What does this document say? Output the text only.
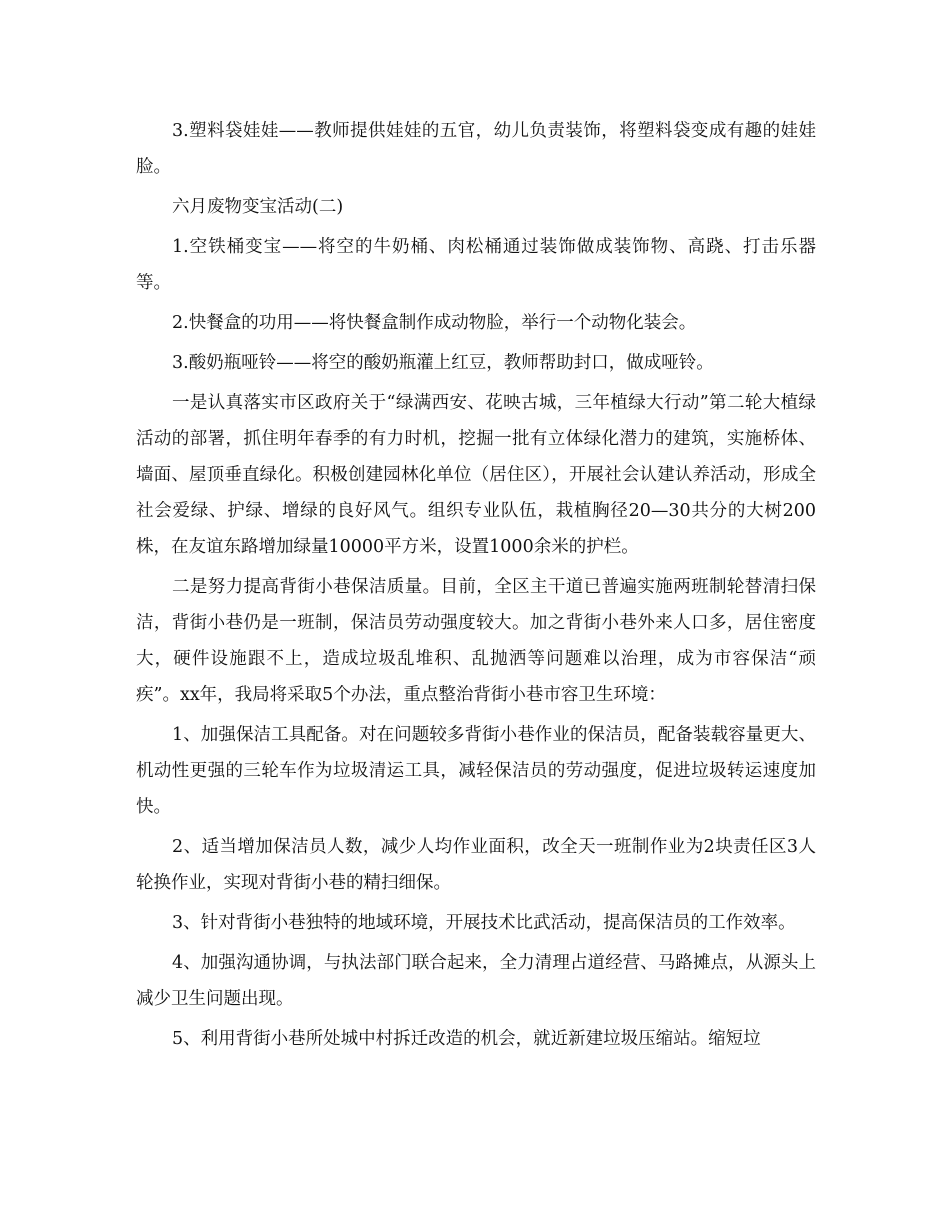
3.塑料袋娃娃——教师提供娃娃的五官，幼儿负责装饰，将塑料袋变成有趣的娃娃脸。

六月废物变宝活动(二)

1.空铁桶变宝——将空的牛奶桶、肉松桶通过装饰做成装饰物、高跷、打击乐器等。

2.快餐盒的功用——将快餐盒制作成动物脸，举行一个动物化装会。

3.酸奶瓶哑铃——将空的酸奶瓶灌上红豆，教师帮助封口，做成哑铃。

一是认真落实市区政府关于“绿满西安、花映古城，三年植绿大行动”第二轮大植绿活动的部署，抓住明年春季的有力时机，挖掘一批有立体绿化潜力的建筑，实施桥体、墙面、屋顶垂直绿化。积极创建园林化单位（居住区），开展社会认建认养活动，形成全社会爱绿、护绿、增绿的良好风气。组织专业队伍，栽植胸径20—30共分的大树200株，在友谊东路增加绿量10000平方米，设置1000余米的护栏。

二是努力提高背街小巷保洁质量。目前，全区主干道已普遍实施两班制轮替清扫保洁，背街小巷仍是一班制，保洁员劳动强度较大。加之背街小巷外来人口多，居住密度大，硬件设施跟不上，造成垃圾乱堆积、乱抛洒等问题难以治理，成为市容保洁“顽疾”。xx年，我局将采取5个办法，重点整治背街小巷市容卫生环境：

1、加强保洁工具配备。对在问题较多背街小巷作业的保洁员，配备装载容量更大、机动性更强的三轮车作为垃圾清运工具，减轻保洁员的劳动强度，促进垃圾转运速度加快。

2、适当增加保洁员人数，减少人均作业面积，改全天一班制作业为2块责任区3人轮换作业，实现对背街小巷的精扫细保。

3、针对背街小巷独特的地域环境，开展技术比武活动，提高保洁员的工作效率。

4、加强沟通协调，与执法部门联合起来，全力清理占道经营、马路摊点，从源头上减少卫生问题出现。

5、利用背街小巷所处城中村拆迁改造的机会，就近新建垃圾压缩站。缩短垃
